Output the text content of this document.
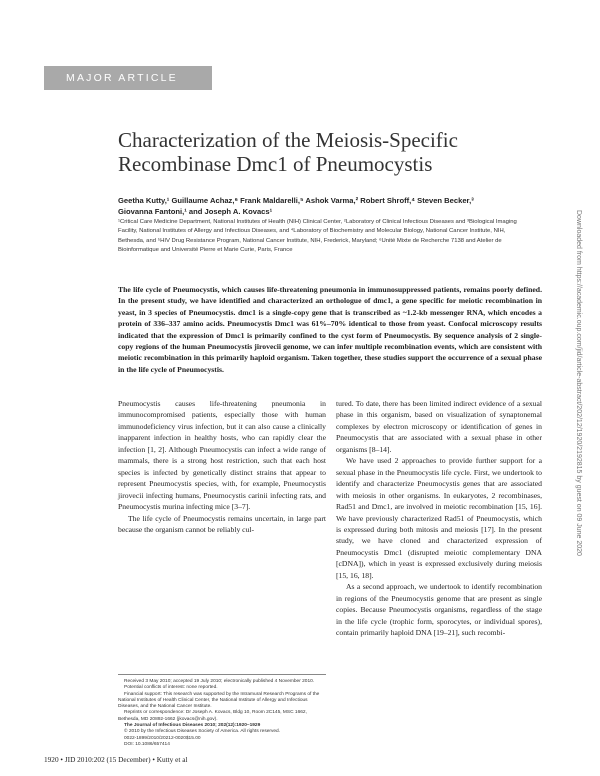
MAJOR ARTICLE
Characterization of the Meiosis-Specific
Recombinase Dmc1 of Pneumocystis
Geetha Kutty,¹ Guillaume Achaz,⁶ Frank Maldarelli,⁵ Ashok Varma,² Robert Shroff,⁴ Steven Becker,³
Giovanna Fantoni,¹ and Joseph A. Kovacs¹
¹Critical Care Medicine Department, National Institutes of Health (NIH) Clinical Center, ²Laboratory of Clinical Infectious Diseases and ³Biological Imaging Facility, National Institutes of Allergy and Infectious Diseases, and ⁴Laboratory of Biochemistry and Molecular Biology, National Cancer Institute, NIH, Bethesda, and ⁵HIV Drug Resistance Program, National Cancer Institute, NIH, Frederick, Maryland; ⁶Unité Mixte de Recherche 7138 and Atelier de Bioinformatique and Université Pierre et Marie Curie, Paris, France
The life cycle of Pneumocystis, which causes life-threatening pneumonia in immunosuppressed patients, remains poorly defined. In the present study, we have identified and characterized an orthologue of dmc1, a gene specific for meiotic recombination in yeast, in 3 species of Pneumocystis. dmc1 is a single-copy gene that is transcribed as ~1.2-kb messenger RNA, which encodes a protein of 336–337 amino acids. Pneumocystis Dmc1 was 61%–70% identical to those from yeast. Confocal microscopy results indicated that the expression of Dmc1 is primarily confined to the cyst form of Pneumocystis. By sequence analysis of 2 single-copy regions of the human Pneumocystis jirovecii genome, we can infer multiple recombination events, which are consistent with meiotic recombination in this primarily haploid organism. Taken together, these studies support the occurrence of a sexual phase in the life cycle of Pneumocystis.

Pneumocystis causes life-threatening pneumonia in immunocompromised patients, especially those with human immunodeficiency virus infection, but it can also cause a clinically inapparent infection in healthy hosts, who can rapidly clear the infection [1, 2]. Although Pneumocystis can infect a wide range of mammals, there is a strong host restriction, such that each host species is infected by genetically distinct strains that appear to represent Pneumocystis species, with, for example, Pneumocystis jirovecii infecting humans, Pneumocystis carinii infecting rats, and Pneumocystis murina infecting mice [3–7].

The life cycle of Pneumocystis remains uncertain, in large part because the organism cannot be reliably cul-

tured. To date, there has been limited indirect evidence of a sexual phase in this organism, based on visualization of synaptonemal complexes by electron microscopy or identification of genes in Pneumocystis that are associated with a sexual phase in other organisms [8–14].

We have used 2 approaches to provide further support for a sexual phase in the Pneumocystis life cycle. First, we undertook to identify and characterize Pneumocystis genes that are associated with meiosis in other organisms. In eukaryotes, 2 recombinases, Rad51 and Dmc1, are involved in meiotic recombination [15, 16]. We have previously characterized Rad51 of Pneumocystis, which is expressed during both mitosis and meiosis [17]. In the present study, we have cloned and characterized expression of Pneumocystis Dmc1 (disrupted meiotic complementary DNA [cDNA]), which in yeast is expressed exclusively during meiosis [15, 16, 18].

As a second approach, we undertook to identify recombination in regions of the Pneumocystis genome that are present as single copies. Because Pneumocystis organisms, regardless of the stage in the life cycle (trophic form, sporocytes, or individual spores), contain primarily haploid DNA [19–21], such recombi-

Received 3 May 2010; accepted 19 July 2010; electronically published 4 November 2010.
Potential conflicts of interest: none reported.
Financial support: This research was supported by the Intramural Research Programs of the National Institutes of Health Clinical Center, the National Institute of Allergy and Infectious Diseases, and the National Cancer Institute.
Reprints or correspondence: Dr Joseph A. Kovacs, Bldg 10, Room 2C145, MSC 1662, Bethesda, MD 20892-1662 (jkovacs@nih.gov).
The Journal of Infectious Diseases 2010; 202(12):1920–1929
© 2010 by the Infectious Diseases Society of America. All rights reserved.
0022-1899/2010/20212-0020$15.00
DOI: 10.1086/657414
1920 • JID 2010:202 (15 December) • Kutty et al
Downloaded from https://academic.oup.com/jid/article-abstract/202/12/1920/2192815 by guest on 09 June 2020
